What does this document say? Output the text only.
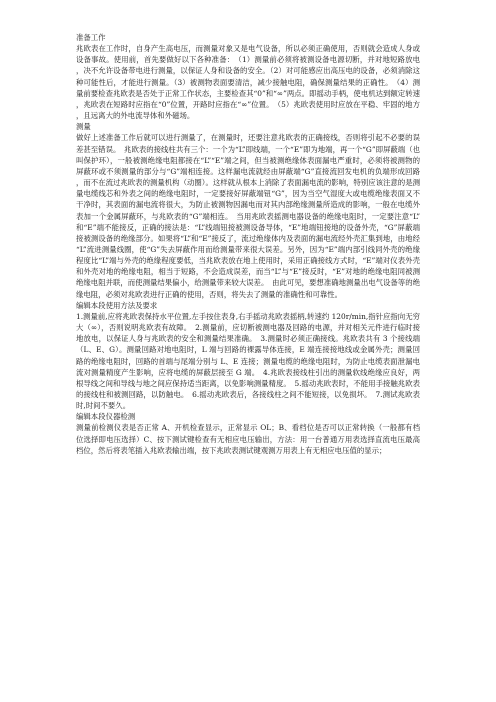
准备工作

兆欧表在工作时，自身产生高电压，而测量对象又是电气设备，所以必须正确使用，否则就会造成人身或设备事故。使用前，首先要做好以下各种准备：　（1）测量前必须将被测设备电源切断，并对地短路放电，决不允许设备带电进行测量，以保证人身和设备的安全。（2）对可能感应出高压电的设备，必须消除这种可能性后，才能进行测量。（3）被测物表面要清洁，减少接触电阻，确保测量结果的正确性。　（4）测量前要检查兆欧表是否处于正常工作状态，主要检查其“0”和“∞”两点。即摇动手柄，使电机达到额定转速，兆欧表在短路时应指在“0”位置，开路时应指在“∞”位置。　（5）兆欧表使用时应放在平稳、牢固的地方，且远离大的外电流导体和外磁场。

测量

做好上述准备工作后就可以进行测量了，在测量时，还要注意兆欧表的正确接线，否则将引起不必要的误差甚至错误。　兆欧表的接线柱共有三个：一个为“L”即线端，一个“E”即为地端，再一个“G”即屏蔽端（也叫保护环），一般被测绝缘电阻都接在“L”“E”端之间，但当被测绝缘体表面漏电严重时，必须将被测物的屏蔽环或不须测量的部分与“G”端相连接。这样漏电流就经由屏蔽端“G”直接流回发电机的负端形成回路，而不在流过兆欧表的测量机构（动圈）。这样就从根本上消除了表面漏电流的影响，特别应该注意的是测量电缆线芯和外表之间的绝缘电阻时，一定要接好屏蔽端钮“G”，因为当空气湿度大或电缆绝缘表面又不干净时，其表面的漏电流将很大，为防止被测物因漏电而对其内部绝缘测量所造成的影响，一般在电缆外表加一个金属屏蔽环，与兆欧表的“G”端相连。　当用兆欧表摇测电器设备的绝缘电阻时，一定要注意“L”和“E”端不能接反，正确的接法是：“L”线端钮接被测设备导体，“E”地端钮接地的设备外壳，“G”屏蔽端接被测设备的绝缘部分。如果将“L”和“E”接反了，流过绝缘体内及表面的漏电流经外壳汇集到地，由地经“L”流进测量线圈，使“G”失去屏蔽作用而给测量带来很大误差。另外，因为“E”端内部引线同外壳的绝缘程度比“L”端与外壳的绝缘程度要低，当兆欧表放在地上使用时，采用正确接线方式时，“E”端对仪表外壳和外壳对地的绝缘电阻，相当于短路，不会造成误差，而当“L”与“E”接反时，“E”对地的绝缘电阻同被测绝缘电阻并联，而使测量结果偏小，给测量带来较大误差。　由此可见，要想准确地测量出电气设备等的绝缘电阻，必须对兆欧表进行正确的使用，否则，将失去了测量的准确性和可靠性。

编辑本段使用方法及要求

1.测量前,应将兆欧表保持水平位置,左手按住表身,右手摇动兆欧表摇柄,转速约 120r/min,指针应指向无穷大（∞），否则说明兆欧表有故障。　2.测量前，应切断被测电器及回路的电源，并对相关元件进行临时接地放电，以保证人身与兆欧表的安全和测量结果准确。　3.测量时必须正确接线。兆欧表共有 3 个接线端（L、E、G）。测量回路对地电阻时，L 端与回路的裸露导体连接，E 端连接接地线或金属外壳；测量回路的绝缘电阻时，回路的首端与尾端分别与 L、E 连接；测量电缆的绝缘电阻时，为防止电缆表面泄漏电流对测量精度产生影响，应将电缆的屏蔽层接至 G 端。　4.兆欧表接线柱引出的测量软线绝缘应良好，两根导线之间和导线与地之间应保持适当距离，以免影响测量精度。　5.摇动兆欧表时，不能用手接触兆欧表的接线柱和被测回路，以防触电。　6.摇动兆欧表后，各接线柱之间不能短接，以免损坏。　7.测试兆欧表时,时间不要久。

编辑本段仪器检测

测量前检测仪表是否正常 A、开机检查显示，正常显示 OL；B、看档位是否可以正常转换（一般都有档位选择即电压选择）C、按下测试键检查有无相应电压输出，方法：用一台普通万用表选择直流电压最高档位，然后将表笔插入兆欧表输出端，按下兆欧表测试键观测万用表上有无相应电压值的显示；
